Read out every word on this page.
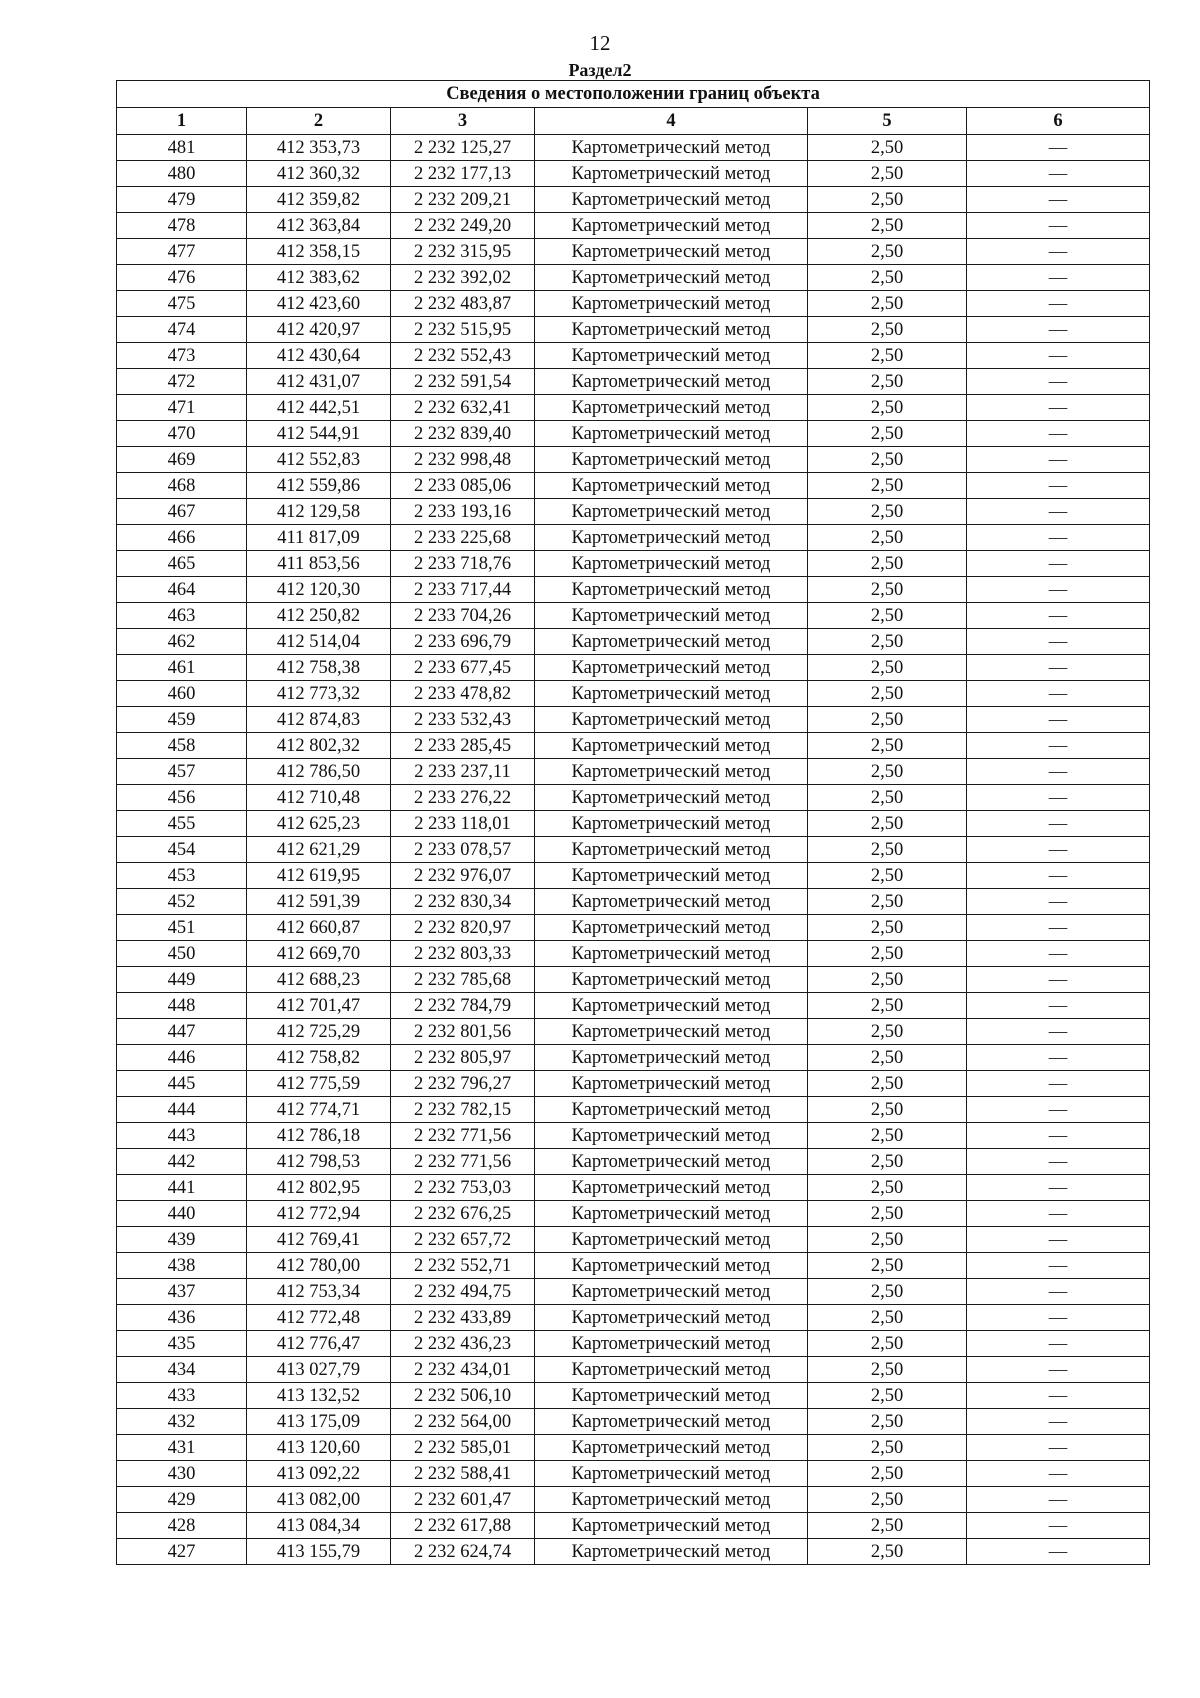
12
Раздел2
Сведения о местоположении границ объекта					
1	2	3	4	5	6
481	412 353,73	2 232 125,27	Картометрический метод	2,50	—
480	412 360,32	2 232 177,13	Картометрический метод	2,50	—
479	412 359,82	2 232 209,21	Картометрический метод	2,50	—
478	412 363,84	2 232 249,20	Картометрический метод	2,50	—
477	412 358,15	2 232 315,95	Картометрический метод	2,50	—
476	412 383,62	2 232 392,02	Картометрический метод	2,50	—
475	412 423,60	2 232 483,87	Картометрический метод	2,50	—
474	412 420,97	2 232 515,95	Картометрический метод	2,50	—
473	412 430,64	2 232 552,43	Картометрический метод	2,50	—
472	412 431,07	2 232 591,54	Картометрический метод	2,50	—
471	412 442,51	2 232 632,41	Картометрический метод	2,50	—
470	412 544,91	2 232 839,40	Картометрический метод	2,50	—
469	412 552,83	2 232 998,48	Картометрический метод	2,50	—
468	412 559,86	2 233 085,06	Картометрический метод	2,50	—
467	412 129,58	2 233 193,16	Картометрический метод	2,50	—
466	411 817,09	2 233 225,68	Картометрический метод	2,50	—
465	411 853,56	2 233 718,76	Картометрический метод	2,50	—
464	412 120,30	2 233 717,44	Картометрический метод	2,50	—
463	412 250,82	2 233 704,26	Картометрический метод	2,50	—
462	412 514,04	2 233 696,79	Картометрический метод	2,50	—
461	412 758,38	2 233 677,45	Картометрический метод	2,50	—
460	412 773,32	2 233 478,82	Картометрический метод	2,50	—
459	412 874,83	2 233 532,43	Картометрический метод	2,50	—
458	412 802,32	2 233 285,45	Картометрический метод	2,50	—
457	412 786,50	2 233 237,11	Картометрический метод	2,50	—
456	412 710,48	2 233 276,22	Картометрический метод	2,50	—
455	412 625,23	2 233 118,01	Картометрический метод	2,50	—
454	412 621,29	2 233 078,57	Картометрический метод	2,50	—
453	412 619,95	2 232 976,07	Картометрический метод	2,50	—
452	412 591,39	2 232 830,34	Картометрический метод	2,50	—
451	412 660,87	2 232 820,97	Картометрический метод	2,50	—
450	412 669,70	2 232 803,33	Картометрический метод	2,50	—
449	412 688,23	2 232 785,68	Картометрический метод	2,50	—
448	412 701,47	2 232 784,79	Картометрический метод	2,50	—
447	412 725,29	2 232 801,56	Картометрический метод	2,50	—
446	412 758,82	2 232 805,97	Картометрический метод	2,50	—
445	412 775,59	2 232 796,27	Картометрический метод	2,50	—
444	412 774,71	2 232 782,15	Картометрический метод	2,50	—
443	412 786,18	2 232 771,56	Картометрический метод	2,50	—
442	412 798,53	2 232 771,56	Картометрический метод	2,50	—
441	412 802,95	2 232 753,03	Картометрический метод	2,50	—
440	412 772,94	2 232 676,25	Картометрический метод	2,50	—
439	412 769,41	2 232 657,72	Картометрический метод	2,50	—
438	412 780,00	2 232 552,71	Картометрический метод	2,50	—
437	412 753,34	2 232 494,75	Картометрический метод	2,50	—
436	412 772,48	2 232 433,89	Картометрический метод	2,50	—
435	412 776,47	2 232 436,23	Картометрический метод	2,50	—
434	413 027,79	2 232 434,01	Картометрический метод	2,50	—
433	413 132,52	2 232 506,10	Картометрический метод	2,50	—
432	413 175,09	2 232 564,00	Картометрический метод	2,50	—
431	413 120,60	2 232 585,01	Картометрический метод	2,50	—
430	413 092,22	2 232 588,41	Картометрический метод	2,50	—
429	413 082,00	2 232 601,47	Картометрический метод	2,50	—
428	413 084,34	2 232 617,88	Картометрический метод	2,50	—
427	413 155,79	2 232 624,74	Картометрический метод	2,50	—
